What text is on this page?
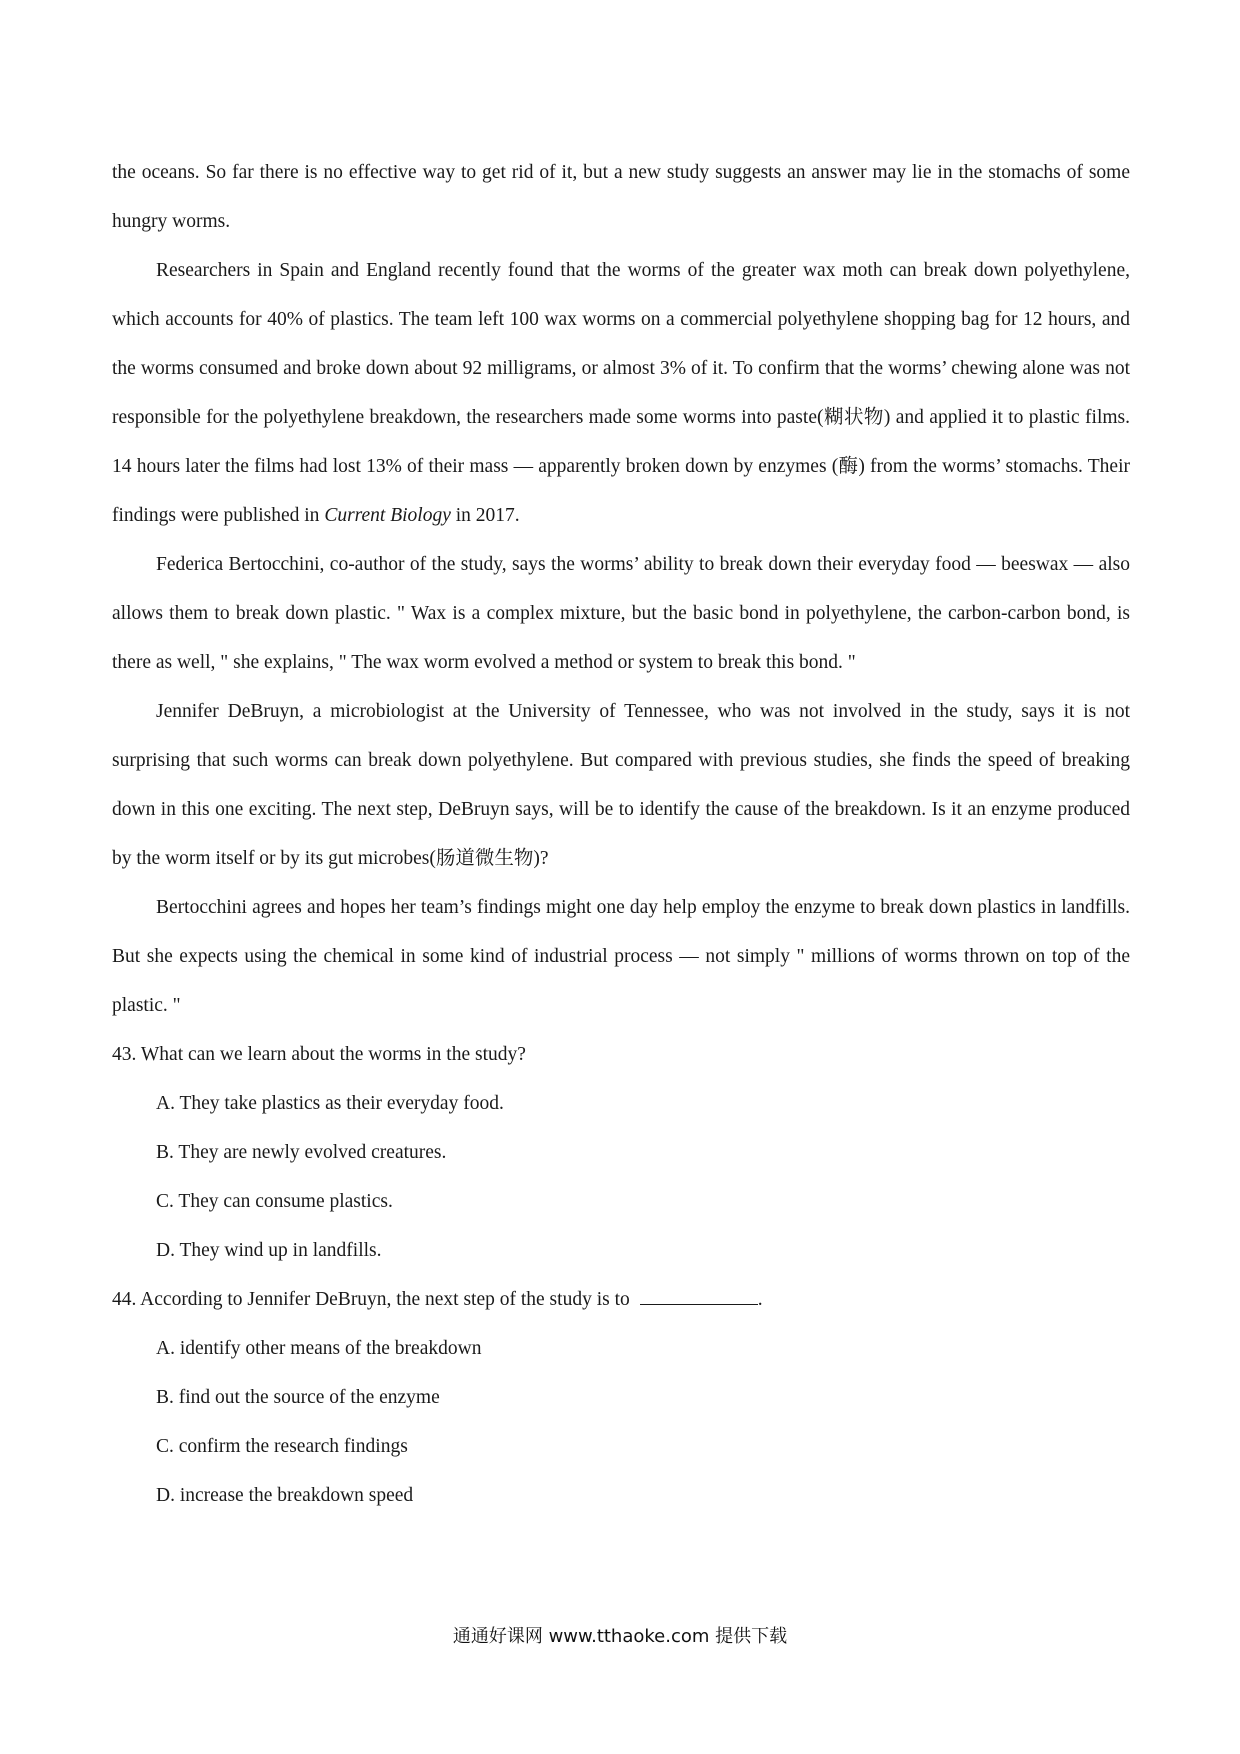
the oceans. So far there is no effective way to get rid of it, but a new study suggests an answer may lie in the stomachs of some hungry worms.

Researchers in Spain and England recently found that the worms of the greater wax moth can break down polyethylene, which accounts for 40% of plastics. The team left 100 wax worms on a commercial polyethylene shopping bag for 12 hours, and the worms consumed and broke down about 92 milligrams, or almost 3% of it. To confirm that the worms’ chewing alone was not responsible for the polyethylene breakdown, the researchers made some worms into paste(糊状物) and applied it to plastic films. 14 hours later the films had lost 13% of their mass — apparently broken down by enzymes (酶) from the worms’ stomachs. Their findings were published in Current Biology in 2017.

Federica Bertocchini, co-author of the study, says the worms’ ability to break down their everyday food — beeswax — also allows them to break down plastic. " Wax is a complex mixture, but the basic bond in polyethylene, the carbon-carbon bond, is there as well, " she explains, " The wax worm evolved a method or system to break this bond. "

Jennifer DeBruyn, a microbiologist at the University of Tennessee, who was not involved in the study, says it is not surprising that such worms can break down polyethylene. But compared with previous studies, she finds the speed of breaking down in this one exciting. The next step, DeBruyn says, will be to identify the cause of the breakdown. Is it an enzyme produced by the worm itself or by its gut microbes(肠道微生物)?

Bertocchini agrees and hopes her team’s findings might one day help employ the enzyme to break down plastics in landfills. But she expects using the chemical in some kind of industrial process — not simply " millions of worms thrown on top of the plastic. "

43. What can we learn about the worms in the study?

A. They take plastics as their everyday food.

B. They are newly evolved creatures.

C. They can consume plastics.

D. They wind up in landfills.

44. According to Jennifer DeBruyn, the next step of the study is to	.

A. identify other means of the breakdown

B. find out the source of the enzyme

C. confirm the research findings

D. increase the breakdown speed

通通好课网 www.tthaoke.com 提供下载
